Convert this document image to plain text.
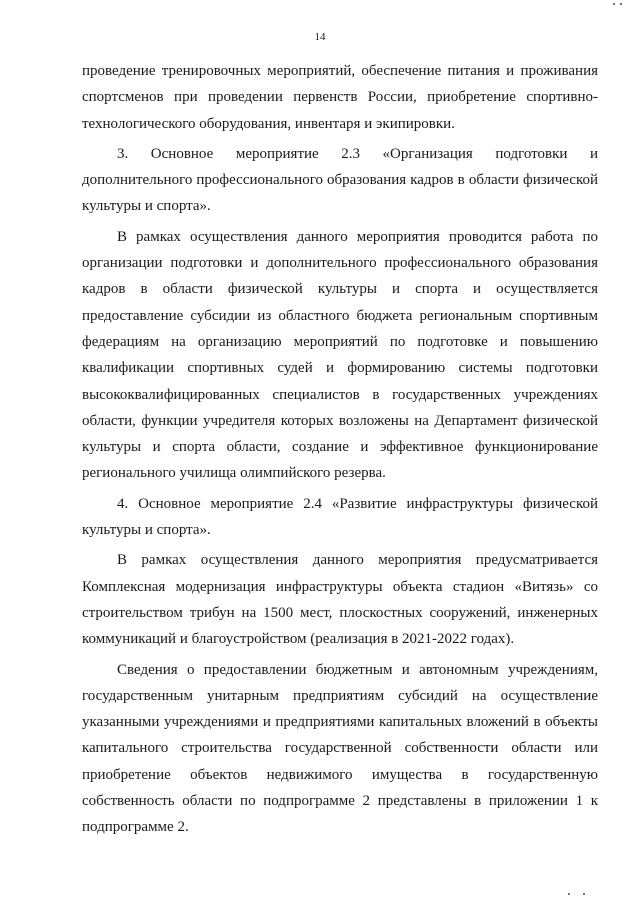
14

проведение тренировочных мероприятий, обеспечение питания и проживания спортсменов при проведении первенств России, приобретение спортивно-технологического оборудования, инвентаря и экипировки.

3. Основное мероприятие 2.3 «Организация подготовки и дополнительного профессионального образования кадров в области физической культуры и спорта».

В рамках осуществления данного мероприятия проводится работа по организации подготовки и дополнительного профессионального образования кадров в области физической культуры и спорта и осуществляется предоставление субсидии из областного бюджета региональным спортивным федерациям на организацию мероприятий по подготовке и повышению квалификации спортивных судей и формированию системы подготовки высококвалифицированных специалистов в государственных учреждениях области, функции учредителя которых возложены на Департамент физической культуры и спорта области, создание и эффективное функционирование регионального училища олимпийского резерва.

4. Основное мероприятие 2.4 «Развитие инфраструктуры физической культуры и спорта».

В рамках осуществления данного мероприятия предусматривается Комплексная модернизация инфраструктуры объекта стадион «Витязь» со строительством трибун на 1500 мест, плоскостных сооружений, инженерных коммуникаций и благоустройством (реализация в 2021-2022 годах).

Сведения о предоставлении бюджетным и автономным учреждениям, государственным унитарным предприятиям субсидий на осуществление указанными учреждениями и предприятиями капитальных вложений в объекты капитального строительства государственной собственности области или приобретение объектов недвижимого имущества в государственную собственность области по подпрограмме 2 представлены в приложении 1 к подпрограмме 2.
